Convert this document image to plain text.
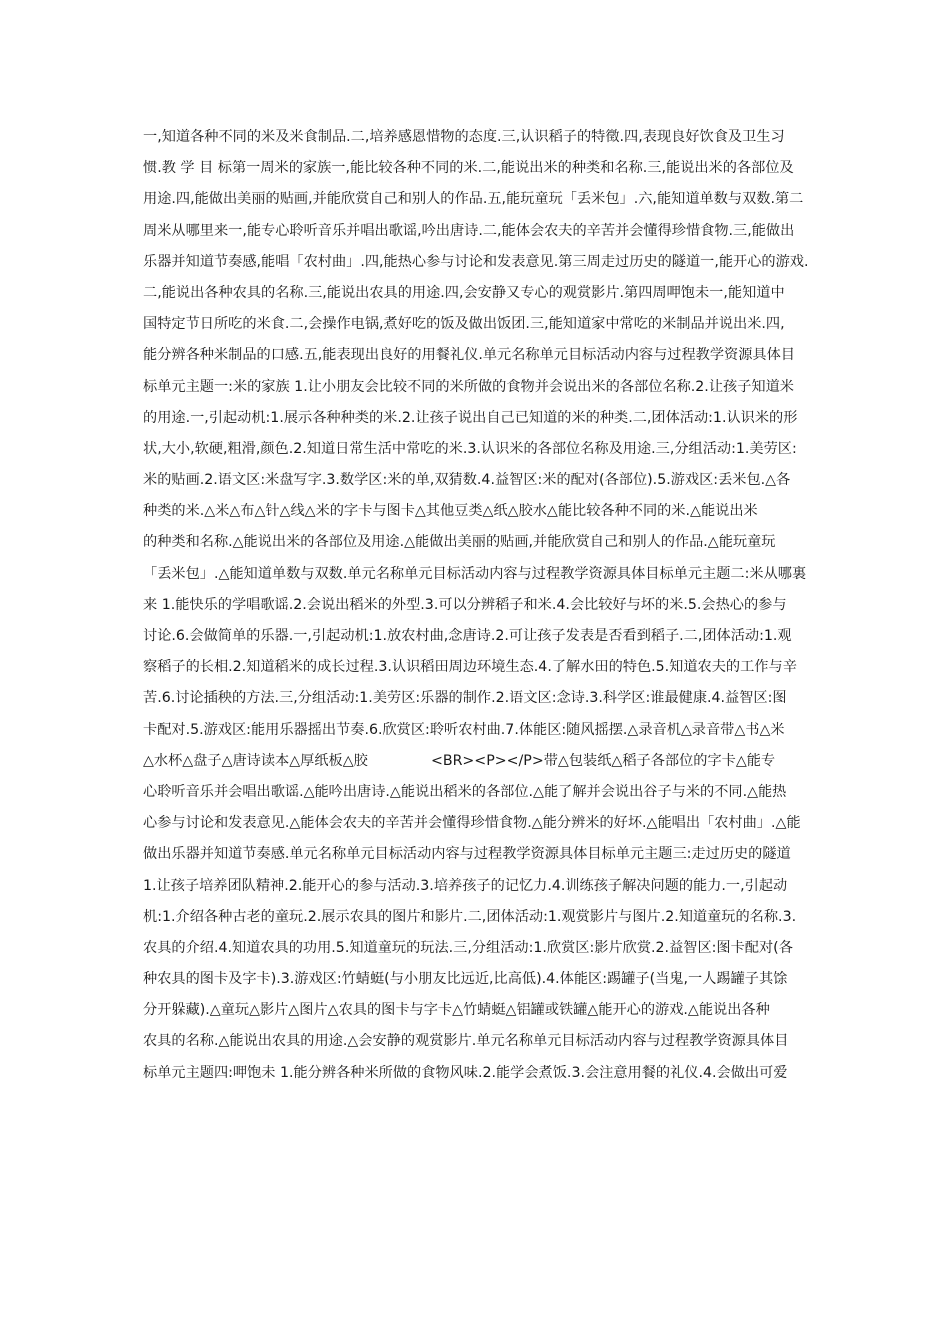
一,知道各种不同的米及米食制品.二,培养感恩惜物的态度.三,认识稻子的特徵.四,表现良好饮食及卫生习
惯.教 学 目 标第一周米的家族一,能比较各种不同的米.二,能说出米的种类和名称.三,能说出米的各部位及
用途.四,能做出美丽的贴画,并能欣赏自己和别人的作品.五,能玩童玩「丢米包」.六,能知道单数与双数.第二
周米从哪里来一,能专心聆听音乐并唱出歌谣,吟出唐诗.二,能体会农夫的辛苦并会懂得珍惜食物.三,能做出
乐器并知道节奏感,能唱「农村曲」.四,能热心参与讨论和发表意见.第三周走过历史的隧道一,能开心的游戏.
二,能说出各种农具的名称.三,能说出农具的用途.四,会安静又专心的观赏影片.第四周呷饱未一,能知道中
国特定节日所吃的米食.二,会操作电锅,煮好吃的饭及做出饭团.三,能知道家中常吃的米制品并说出米.四,
能分辨各种米制品的口感.五,能表现出良好的用餐礼仪.单元名称单元目标活动内容与过程教学资源具体目
标单元主题一:米的家族 1.让小朋友会比较不同的米所做的食物并会说出米的各部位名称.2.让孩子知道米
的用途.一,引起动机:1.展示各种种类的米.2.让孩子说出自己已知道的米的种类.二,团体活动:1.认识米的形
状,大小,软硬,粗滑,颜色.2.知道日常生活中常吃的米.3.认识米的各部位名称及用途.三,分组活动:1.美劳区:
米的贴画.2.语文区:米盘写字.3.数学区:米的单,双猜数.4.益智区:米的配对(各部位).5.游戏区:丢米包.△各
种类的米.△米△布△针△线△米的字卡与图卡△其他豆类△纸△胶水△能比较各种不同的米.△能说出米
的种类和名称.△能说出米的各部位及用途.△能做出美丽的贴画,并能欣赏自己和别人的作品.△能玩童玩
「丢米包」.△能知道单数与双数.单元名称单元目标活动内容与过程教学资源具体目标单元主题二:米从哪裏
来 1.能快乐的学唱歌谣.2.会说出稻米的外型.3.可以分辨稻子和米.4.会比较好与坏的米.5.会热心的参与
讨论.6.会做简单的乐器.一,引起动机:1.放农村曲,念唐诗.2.可让孩子发表是否看到稻子.二,团体活动:1.观
察稻子的长相.2.知道稻米的成长过程.3.认识稻田周边环境生态.4.了解水田的特色.5.知道农夫的工作与辛
苦.6.讨论插秧的方法.三,分组活动:1.美劳区:乐器的制作.2.语文区:念诗.3.科学区:谁最健康.4.益智区:图
卡配对.5.游戏区:能用乐器摇出节奏.6.欣赏区:聆听农村曲.7.体能区:随风摇摆.△录音机△录音带△书△米
△水杯△盘子△唐诗读本△厚纸板△胶              <BR><P></P>带△包装纸△稻子各部位的字卡△能专
心聆听音乐并会唱出歌谣.△能吟出唐诗.△能说出稻米的各部位.△能了解并会说出谷子与米的不同.△能热
心参与讨论和发表意见.△能体会农夫的辛苦并会懂得珍惜食物.△能分辨米的好坏.△能唱出「农村曲」.△能
做出乐器并知道节奏感.单元名称单元目标活动内容与过程教学资源具体目标单元主题三:走过历史的隧道
1.让孩子培养团队精神.2.能开心的参与活动.3.培养孩子的记忆力.4.训练孩子解决问题的能力.一,引起动
机:1.介绍各种古老的童玩.2.展示农具的图片和影片.二,团体活动:1.观赏影片与图片.2.知道童玩的名称.3.
农具的介绍.4.知道农具的功用.5.知道童玩的玩法.三,分组活动:1.欣赏区:影片欣赏.2.益智区:图卡配对(各
种农具的图卡及字卡).3.游戏区:竹蜻蜓(与小朋友比远近,比高低).4.体能区:踢罐子(当鬼,一人踢罐子其馀
分开躲藏).△童玩△影片△图片△农具的图卡与字卡△竹蜻蜓△铝罐或铁罐△能开心的游戏.△能说出各种
农具的名称.△能说出农具的用途.△会安静的观赏影片.单元名称单元目标活动内容与过程教学资源具体目
标单元主题四:呷饱未 1.能分辨各种米所做的食物风味.2.能学会煮饭.3.会注意用餐的礼仪.4.会做出可爱
